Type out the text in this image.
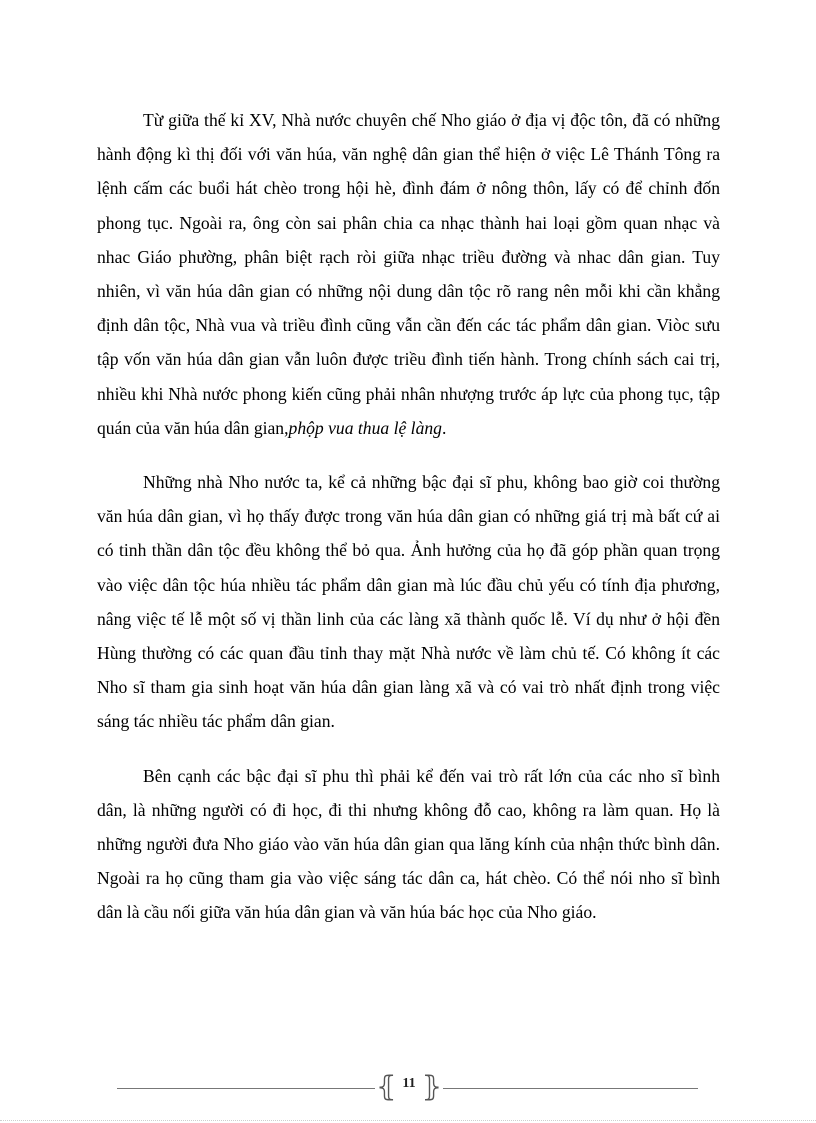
Từ giữa thế kỉ XV, Nhà nước chuyên chế Nho giáo ở địa vị độc tôn, đã có những hành động kì thị đối với văn húa, văn nghệ dân gian thể hiện ở việc Lê Thánh Tông ra lệnh cấm các buổi hát chèo trong hội hè, đình đám ở nông thôn, lấy có để chỉnh đốn phong tục. Ngoài ra, ông còn sai phân chia ca nhạc thành hai loại gồm quan nhạc và nhac Giáo phường, phân biệt rạch ròi giữa nhạc triều đường và nhac dân gian. Tuy nhiên, vì văn húa dân gian có những nội dung dân tộc rõ rang nên mỗi khi cần khẳng định dân tộc, Nhà vua và triều đình cũng vẫn cần đến các tác phẩm dân gian. Viòc sưu tập vốn văn húa dân gian vẫn luôn được triều đình tiến hành. Trong chính sách cai trị, nhiều khi Nhà nước phong kiến cũng phải nhân nhượng trước áp lực của phong tục, tập quán của văn húa dân gian,phộp vua thua lệ làng.

Những nhà Nho nước ta, kể cả những bậc đại sĩ phu, không bao giờ coi thường văn húa dân gian, vì họ thấy được trong văn húa dân gian có những giá trị mà bất cứ ai có tinh thần dân tộc đều không thể bỏ qua. Ảnh hưởng của họ đã góp phần quan trọng vào việc dân tộc húa nhiều tác phẩm dân gian mà lúc đầu chủ yếu có tính địa phương, nâng việc tế lễ một số vị thần linh của các làng xã thành quốc lễ. Ví dụ như ở hội đền Hùng thường có các quan đầu tỉnh thay mặt Nhà nước về làm chủ tế. Có không ít các Nho sĩ tham gia sinh hoạt văn húa dân gian làng xã và có vai trò nhất định trong việc sáng tác nhiều tác phẩm dân gian.

Bên cạnh các bậc đại sĩ phu thì phải kể đến vai trò rất lớn của các nho sĩ bình dân, là những người có đi học, đi thi nhưng không đỗ cao, không ra làm quan. Họ là những người đưa Nho giáo vào văn húa dân gian qua lăng kính của nhận thức bình dân. Ngoài ra họ cũng tham gia vào việc sáng tác dân ca, hát chèo. Có thể nói nho sĩ bình dân là cầu nối giữa văn húa dân gian và văn húa bác học của Nho giáo.

⦃ 11 ⦄
